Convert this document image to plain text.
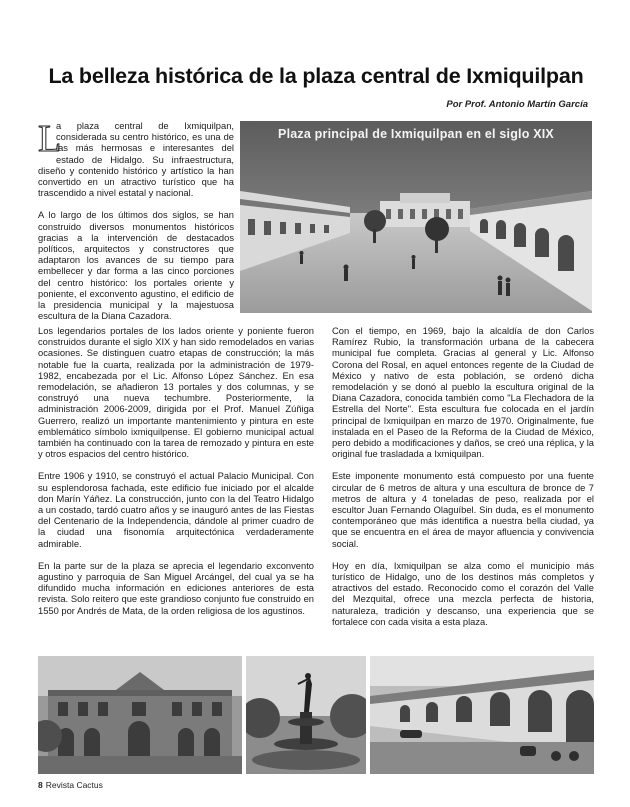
La belleza histórica de la plaza central de Ixmiquilpan
Por Prof. Antonio Martín García

L
a plaza central de Ixmiquilpan, considerada su centro histórico, es una de las más hermosas e interesantes del estado de Hidalgo. Su infraestructura, diseño y contenido histórico y artístico la han convertido en un atractivo turístico que ha trascendido a nivel estatal y nacional.

A lo largo de los últimos dos siglos, se han construido diversos monumentos históricos gracias a la intervención de destacados políticos, arquitectos y constructores que adaptaron los avances de su tiempo para embellecer y dar forma a las cinco porciones del centro histórico: los portales oriente y poniente, el exconvento agustino, el edificio de la presidencia municipal y la majestuosa escultura de la Diana Cazadora.

Plaza principal de Ixmiquilpan en el siglo XIX

Los legendarios portales de los lados oriente y poniente fueron construidos durante el siglo XIX y han sido remodelados en varias ocasiones. Se distinguen cuatro etapas de construcción; la más notable fue la cuarta, realizada por la administración de 1979-1982, encabezada por el Lic. Alfonso López Sánchez. En esa remodelación, se añadieron 13 portales y dos columnas, y se construyó una nueva techumbre. Posteriormente, la administración 2006-2009, dirigida por el Prof. Manuel Zúñiga Guerrero, realizó un importante mantenimiento y pintura en este emblemático símbolo ixmiquilpense. El gobierno municipal actual también ha continuado con la tarea de remozado y pintura en este y otros espacios del centro histórico.

Entre 1906 y 1910, se construyó el actual Palacio Municipal. Con su esplendorosa fachada, este edificio fue iniciado por el alcalde don Marín Yáñez. La construcción, junto con la del Teatro Hidalgo a un costado, tardó cuatro años y se inauguró antes de las Fiestas del Centenario de la Independencia, dándole al primer cuadro de la ciudad una fisonomía arquitectónica verdaderamente admirable.

En la parte sur de la plaza se aprecia el legendario exconvento agustino y parroquia de San Miguel Arcángel, del cual ya se ha difundido mucha información en ediciones anteriores de esta revista. Solo reitero que este grandioso conjunto fue construido en 1550 por Andrés de Mata, de la orden religiosa de los agustinos.

Con el tiempo, en 1969, bajo la alcaldía de don Carlos Ramírez Rubio, la transformación urbana de la cabecera municipal fue completa. Gracias al general y Lic. Alfonso Corona del Rosal, en aquel entonces regente de la Ciudad de México y nativo de esta población, se ordenó dicha remodelación y se donó al pueblo la escultura original de la Diana Cazadora, conocida también como "La Flechadora de la Estrella del Norte". Esta escultura fue colocada en el jardín principal de Ixmiquilpan en marzo de 1970. Originalmente, fue instalada en el Paseo de la Reforma de la Ciudad de México, pero debido a modificaciones y daños, se creó una réplica, y la original fue trasladada a Ixmiquilpan.

Este imponente monumento está compuesto por una fuente circular de 6 metros de altura y una escultura de bronce de 7 metros de altura y 4 toneladas de peso, realizada por el escultor Juan Fernando Olaguíbel. Sin duda, es el monumento contemporáneo que más identifica a nuestra bella ciudad, ya que se encuentra en el área de mayor afluencia y convivencia social.

Hoy en día, Ixmiquilpan se alza como el municipio más turístico de Hidalgo, uno de los destinos más completos y atractivos del estado. Reconocido como el corazón del Valle del Mezquital, ofrece una mezcla perfecta de historia, naturaleza, tradición y descanso, una experiencia que se fortalece con cada visita a esta plaza.

8 Revista Cactus
